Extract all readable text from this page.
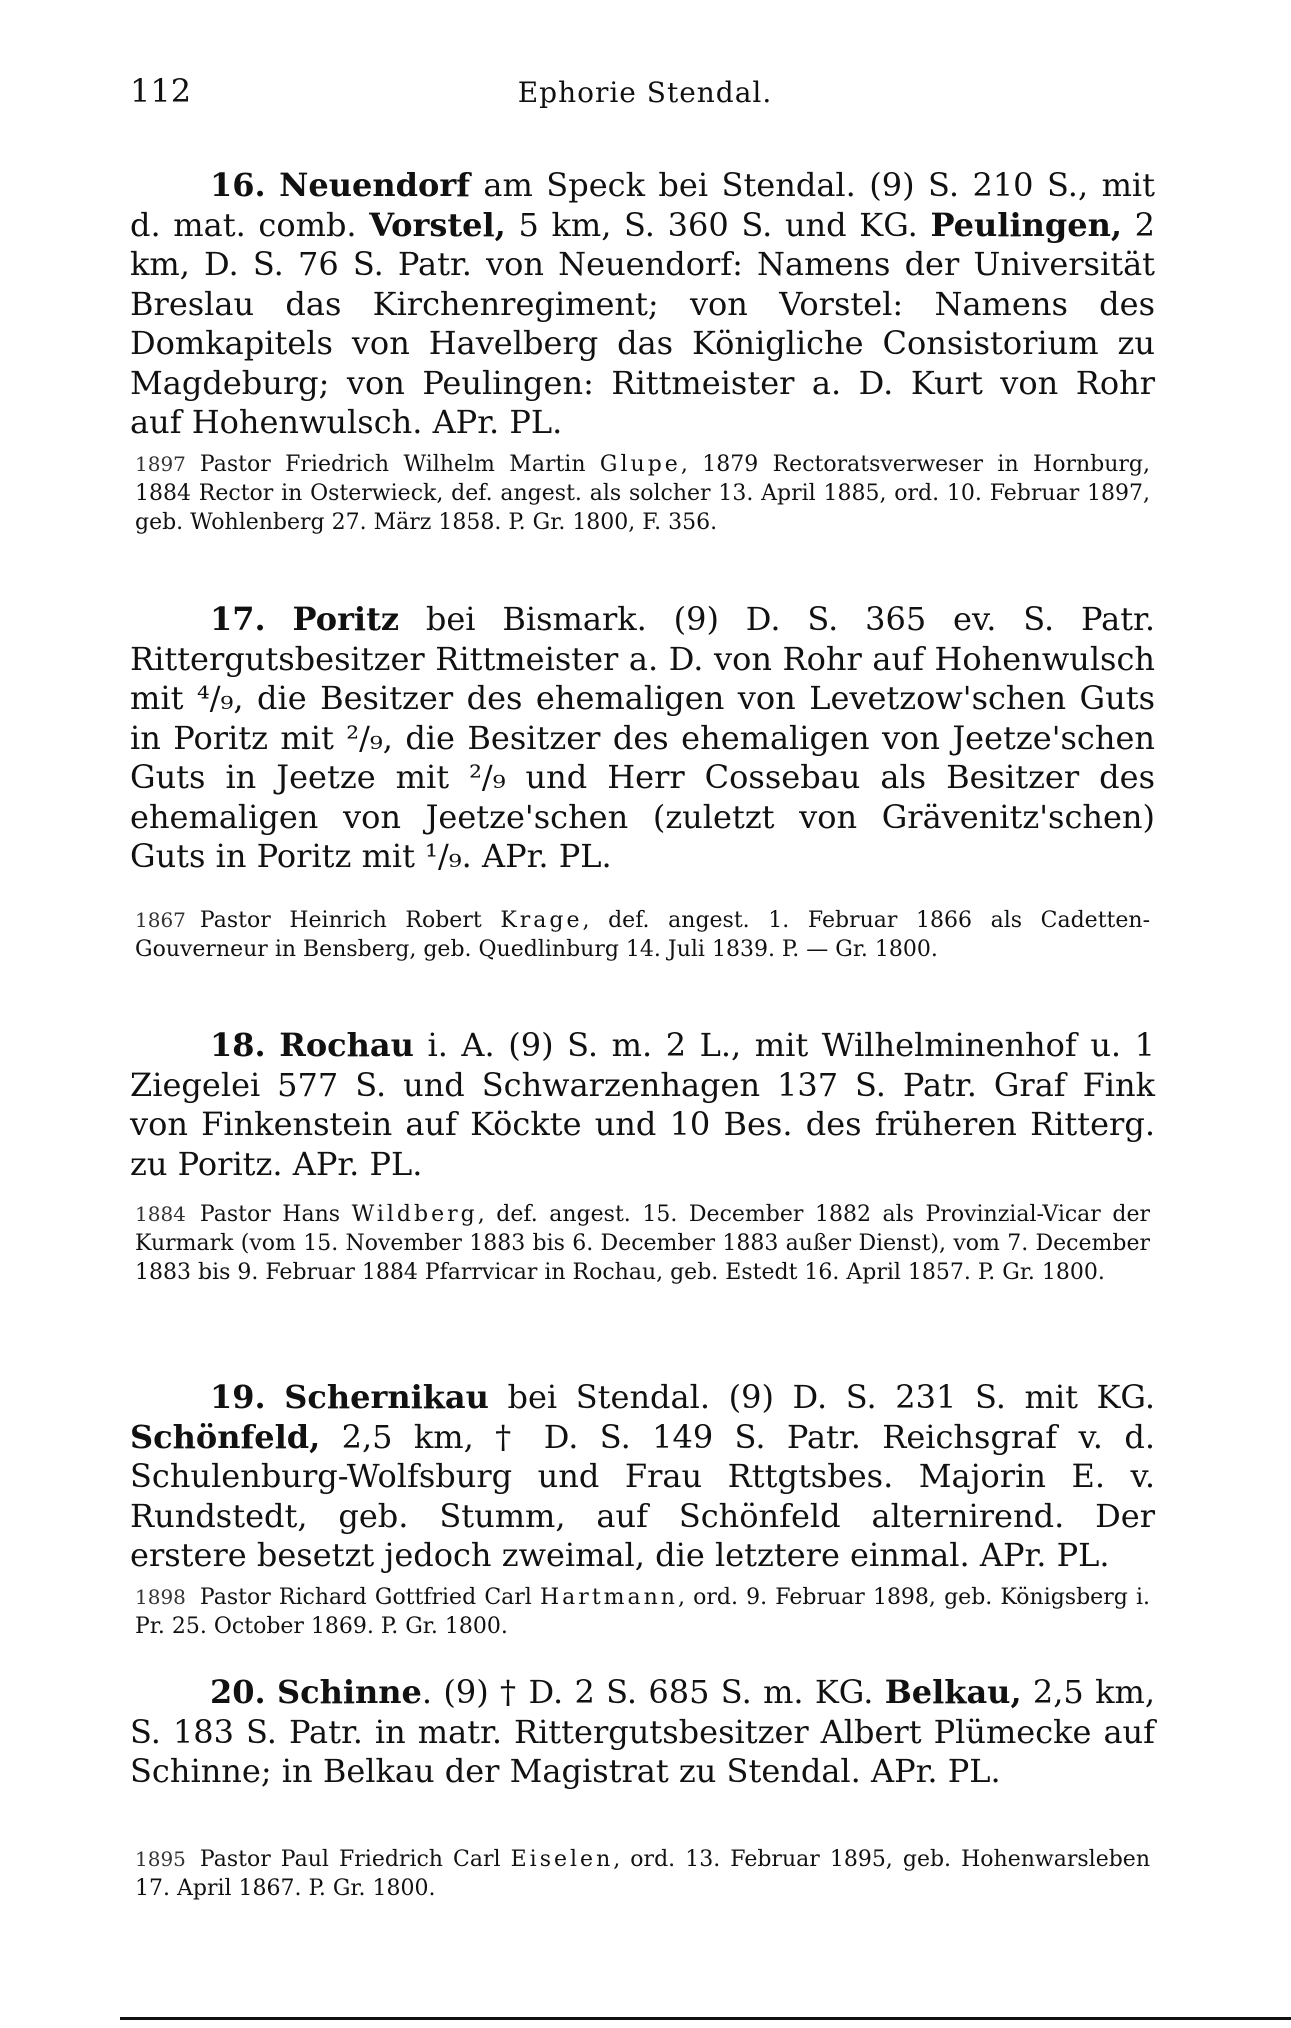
112	Ephorie Stendal.

16. Neuendorf am Speck bei Stendal. (9) S. 210 S., mit d. mat. comb. Vorstel, 5 km, S. 360 S. und KG. Peulingen, 2 km, D. S. 76 S. Patr. von Neuendorf: Namens der Universität Breslau das Kirchenregiment; von Vorstel: Namens des Domkapitels von Havelberg das Königliche Consistorium zu Magdeburg; von Peulingen: Rittmeister a. D. Kurt von Rohr auf Hohenwulsch. APr. PL.

1897 Pastor Friedrich Wilhelm Martin Glupe, 1879 Rectoratsverweser in Hornburg, 1884 Rector in Osterwieck, def. angest. als solcher 13. April 1885, ord. 10. Februar 1897, geb. Wohlenberg 27. März 1858. P. Gr. 1800, F. 356.

17. Poritz bei Bismark. (9) D. S. 365 ev. S. Patr. Rittergutsbesitzer Rittmeister a. D. von Rohr auf Hohenwulsch mit ⁴/₉, die Besitzer des ehemaligen von Levetzow'schen Guts in Poritz mit ²/₉, die Besitzer des ehemaligen von Jeetze'schen Guts in Jeetze mit ²/₉ und Herr Cossebau als Besitzer des ehemaligen von Jeetze'schen (zuletzt von Grävenitz'schen) Guts in Poritz mit ¹/₉. APr. PL.

1867 Pastor Heinrich Robert Krage, def. angest. 1. Februar 1866 als Cadetten-Gouverneur in Bensberg, geb. Quedlinburg 14. Juli 1839. P. — Gr. 1800.

18. Rochau i. A. (9) S. m. 2 L., mit Wilhelminenhof u. 1 Ziegelei 577 S. und Schwarzenhagen 137 S. Patr. Graf Fink von Finkenstein auf Köckte und 10 Bes. des früheren Ritterg. zu Poritz. APr. PL.

1884 Pastor Hans Wildberg, def. angest. 15. December 1882 als Provinzial-Vicar der Kurmark (vom 15. November 1883 bis 6. December 1883 außer Dienst), vom 7. December 1883 bis 9. Februar 1884 Pfarrvicar in Rochau, geb. Estedt 16. April 1857. P. Gr. 1800.

19. Schernikau bei Stendal. (9) D. S. 231 S. mit KG. Schönfeld, 2,5 km, † D. S. 149 S. Patr. Reichsgraf v. d. Schulenburg-Wolfsburg und Frau Rttgtsbes. Majorin E. v. Rundstedt, geb. Stumm, auf Schönfeld alternirend. Der erstere besetzt jedoch zweimal, die letztere einmal. APr. PL.

1898 Pastor Richard Gottfried Carl Hartmann, ord. 9. Februar 1898, geb. Königsberg i. Pr. 25. October 1869. P. Gr. 1800.

20. Schinne. (9) † D. 2 S. 685 S. m. KG. Belkau, 2,5 km, S. 183 S. Patr. in matr. Rittergutsbesitzer Albert Plümecke auf Schinne; in Belkau der Magistrat zu Stendal. APr. PL.

1895 Pastor Paul Friedrich Carl Eiselen, ord. 13. Februar 1895, geb. Hohenwarsleben 17. April 1867. P. Gr. 1800.
